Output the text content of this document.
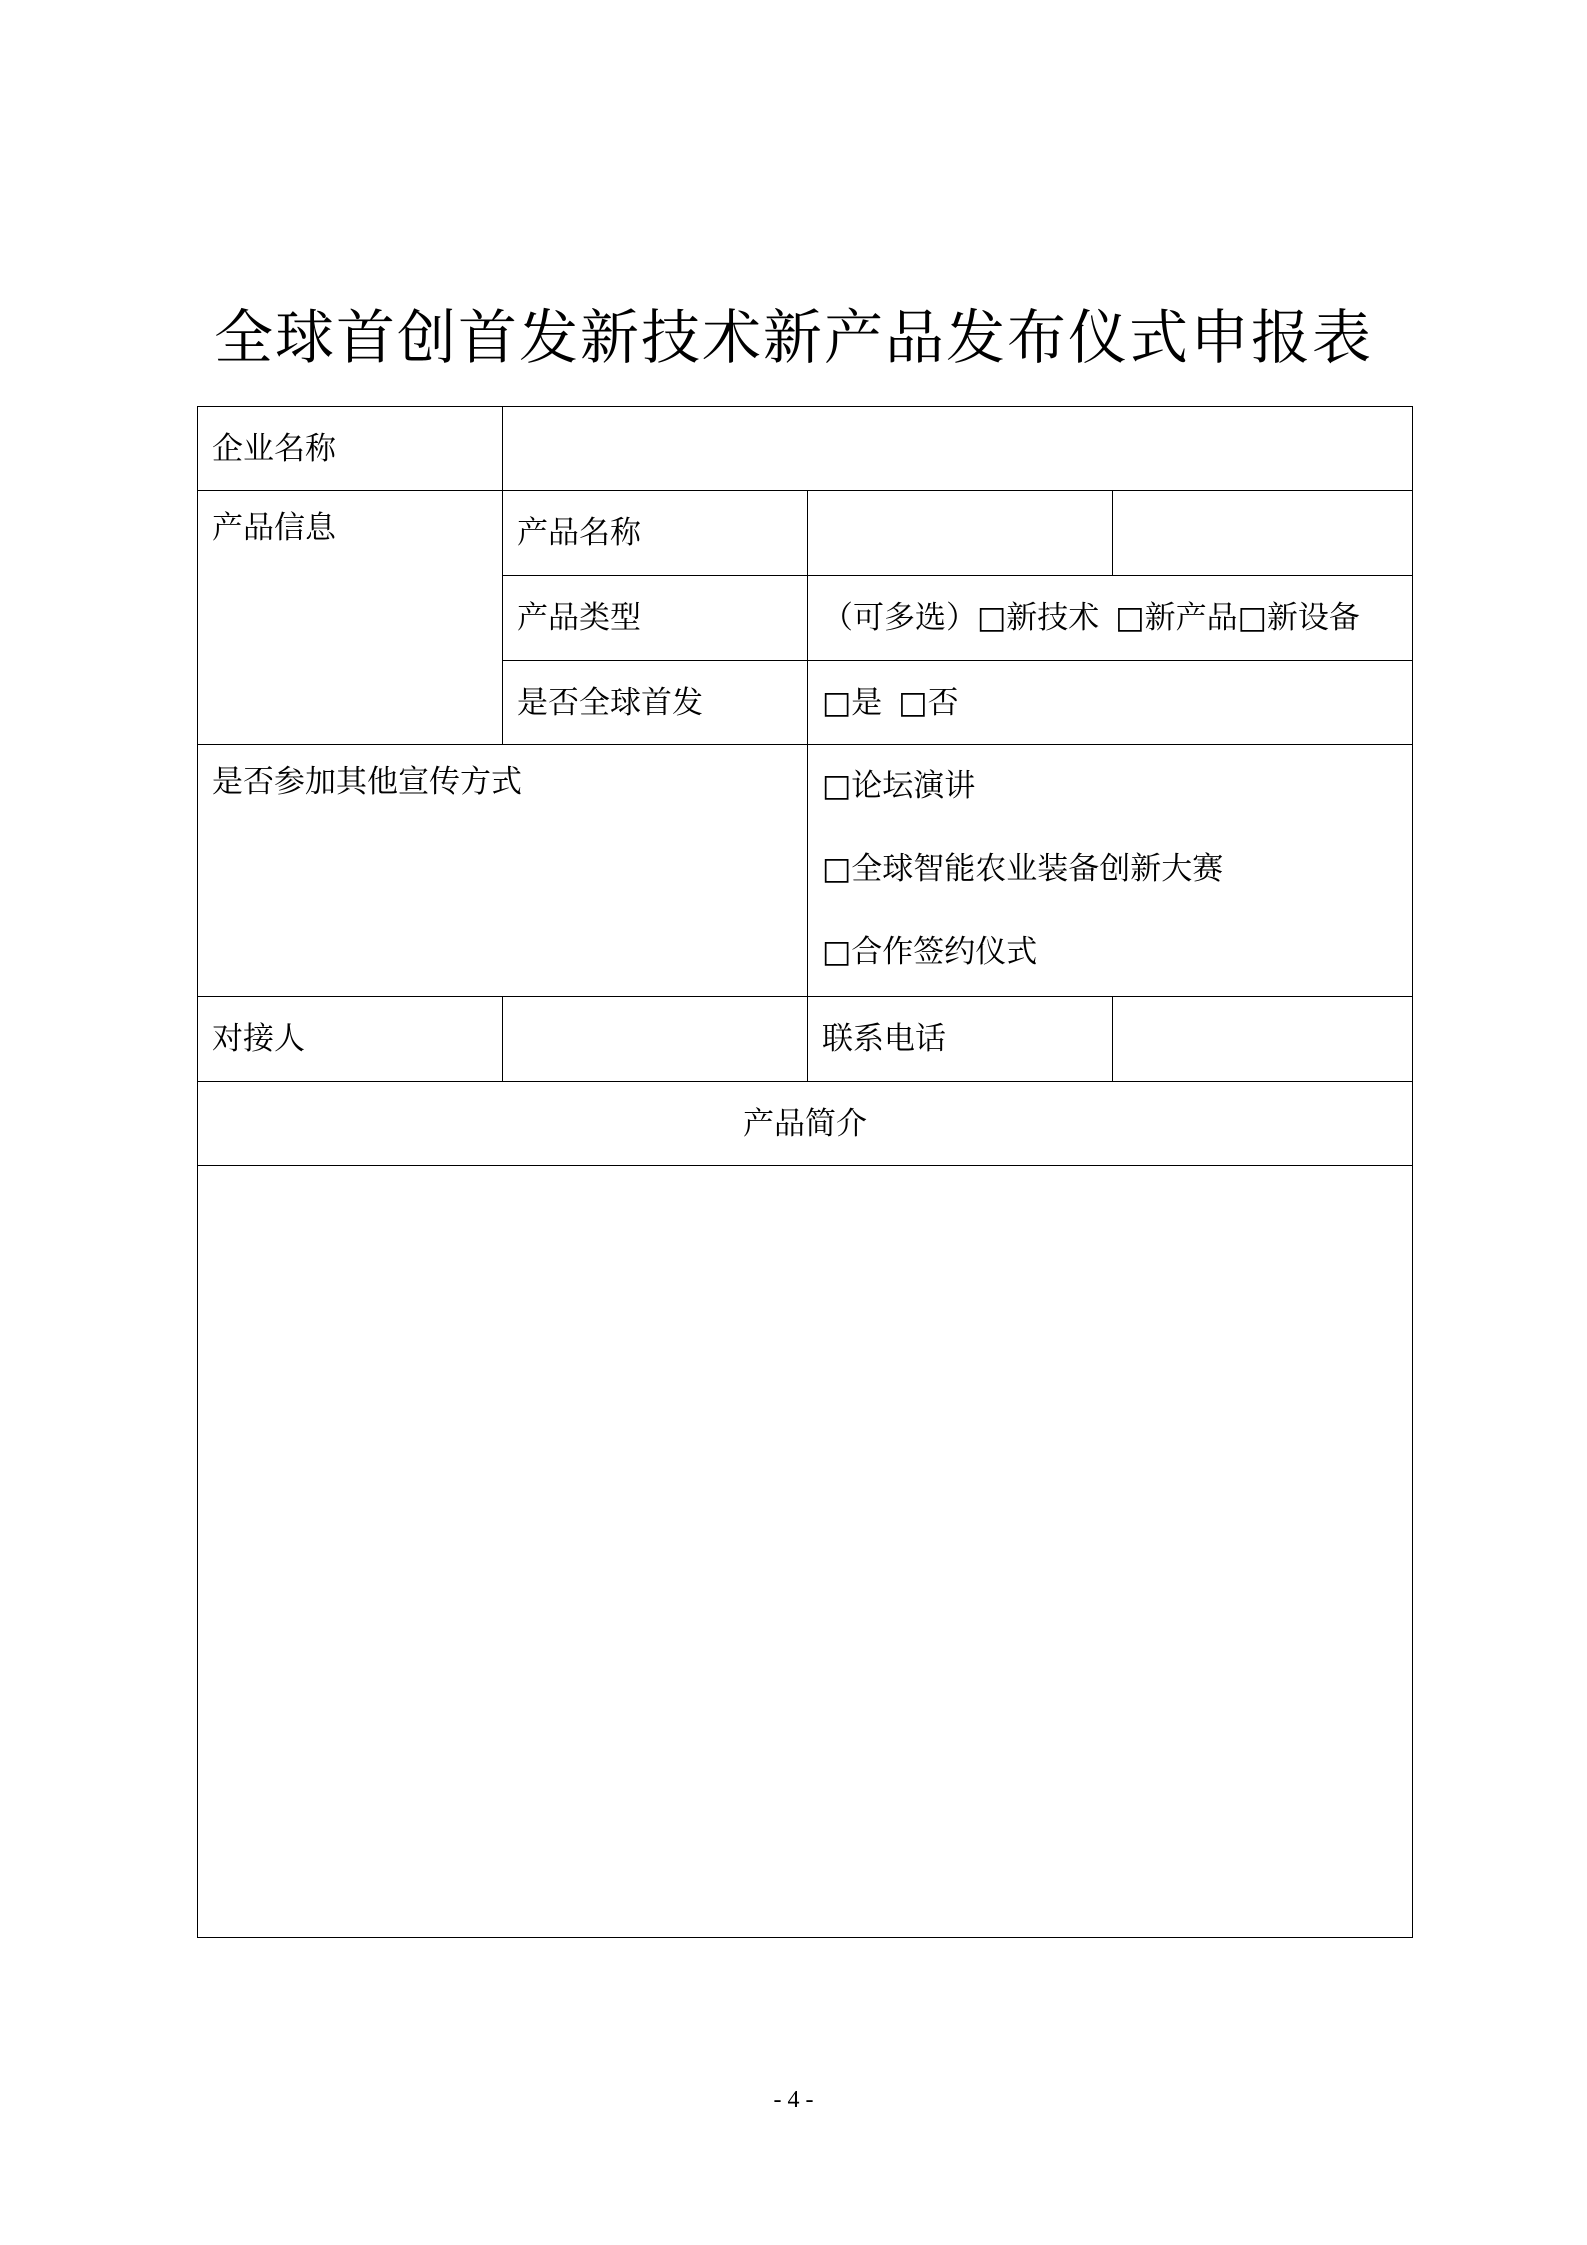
全球首创首发新技术新产品发布仪式申报表
企业名称			
产品信息	产品名称		
	产品类型	（可多选）□新技术 □新产品□新设备	
	是否全球首发	□是 □否	
是否参加其他宣传方式		□论坛演讲
□全球智能农业装备创新大赛
□合作签约仪式	

对接人		联系电话	
产品简介			

- 4 -
